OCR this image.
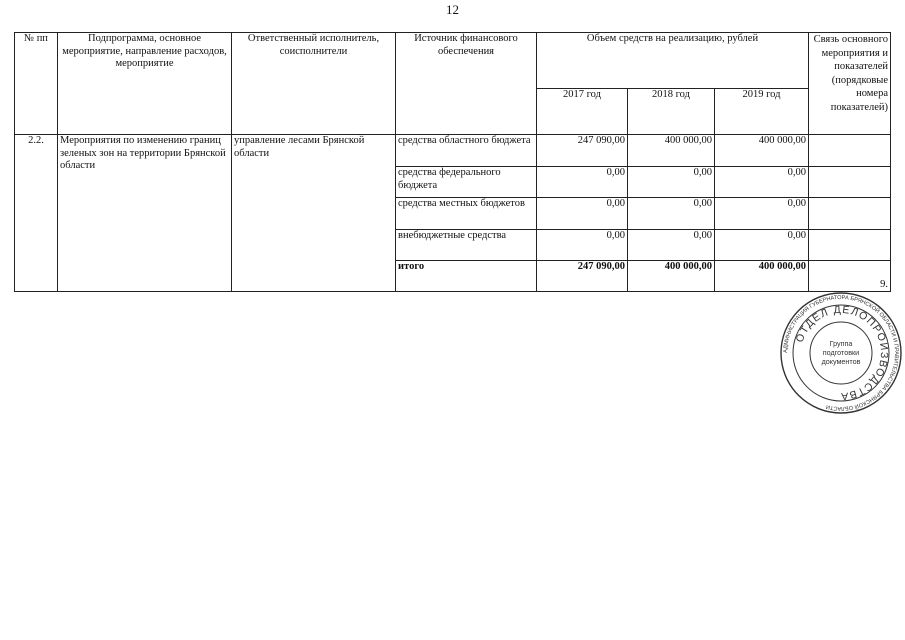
12
№ пп	Подпрограмма, основное мероприятие, направление расходов, мероприятие	Ответственный исполнитель, соисполнители	Источник финансового обеспечения	Объем средств на реализацию, рублей			Связь основного мероприятия и показателей (порядковые номера показателей)
				2017 год	2018 год	2019 год	
2.2.	Мероприятия по изменению границ зеленых зон на территории Брянской области	управление лесами Брянской области	средства областного бюджета	247 090,00	400 000,00	400 000,00	
			средства федерального бюджета	0,00	0,00	0,00	
			средства местных бюджетов	0,00	0,00	0,00	
			внебюджетные средства	0,00	0,00	0,00	
			итого	247 090,00	400 000,00	400 000,00	9.
АДМИНИСТРАЦИЯ ГУБЕРНАТОРА БРЯНСКОЙ ОБЛАСТИ И ПРАВИТЕЛЬСТВА БРЯНСКОЙ ОБЛАСТИ
ОТДЕЛ ДЕЛОПРОИЗВОДСТВА
Группа
подготовки
документов
